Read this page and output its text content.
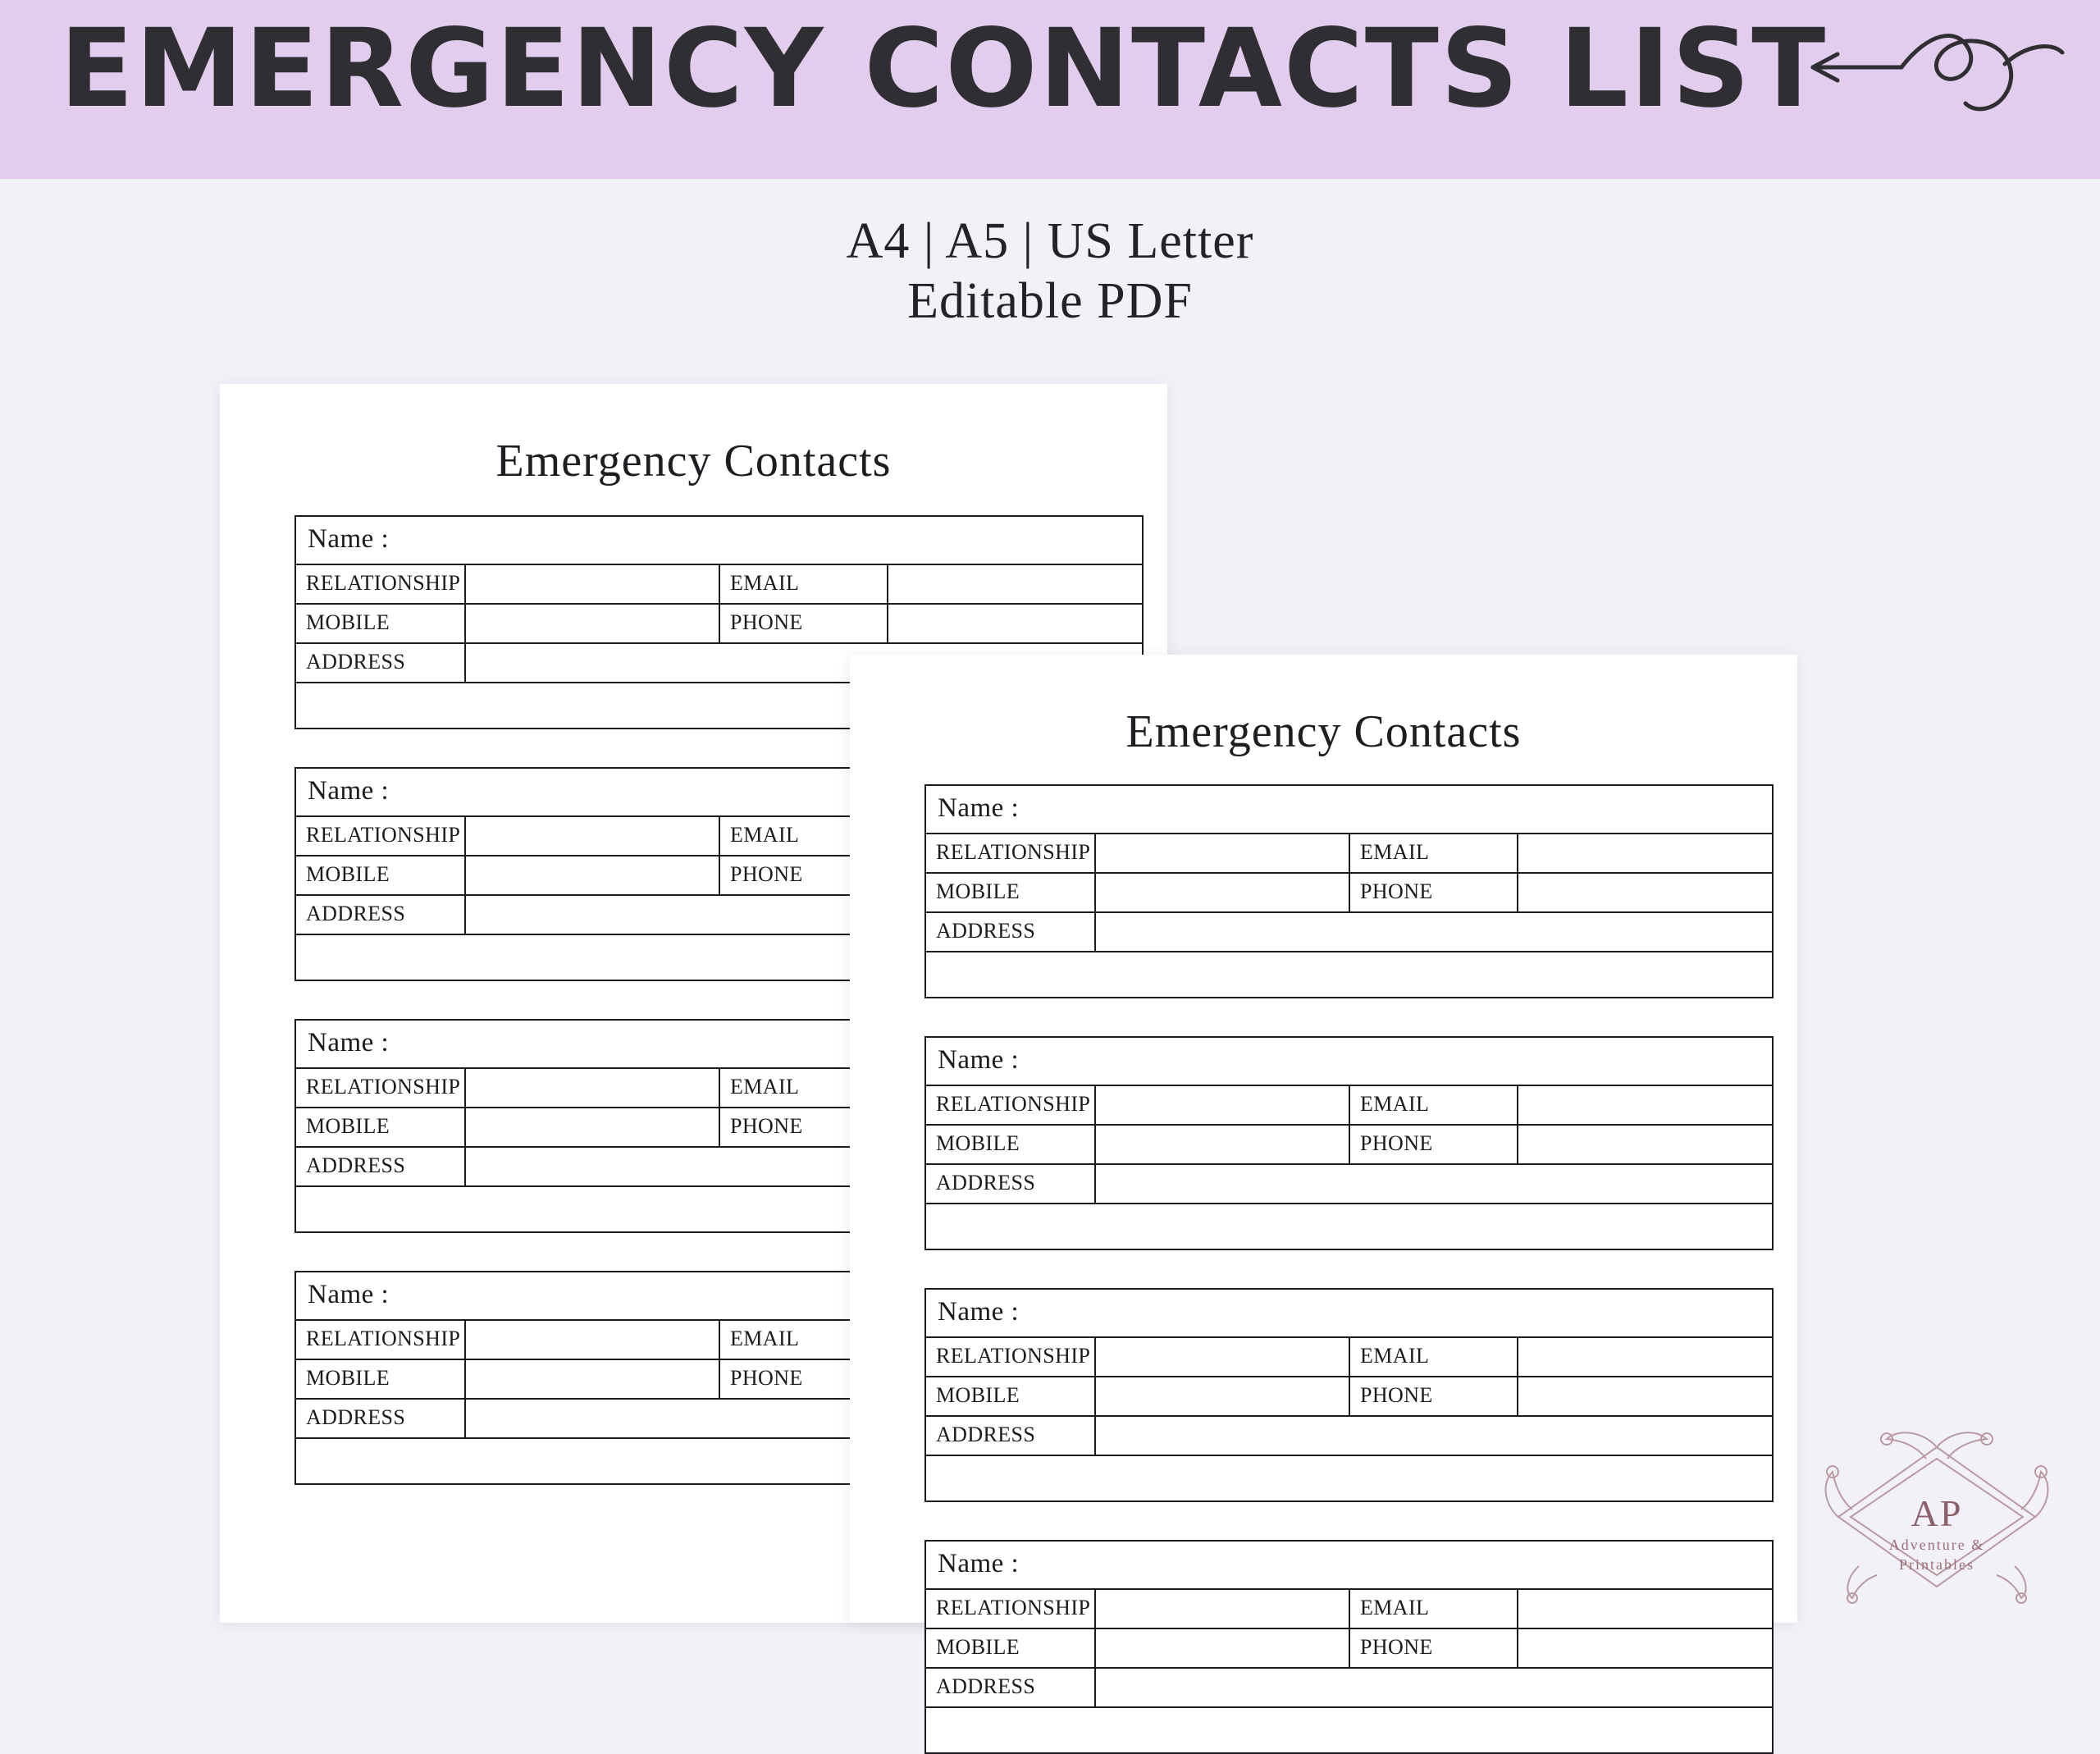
EMERGENCY CONTACTS LIST
A4 | A5 | US Letter
Editable PDF
Emergency Contacts
Name :
RELATIONSHIP	EMAIL
MOBILE	PHONE
ADDRESS
Name :
RELATIONSHIP	EMAIL
MOBILE	PHONE
ADDRESS
Name :
RELATIONSHIP	EMAIL
MOBILE	PHONE
ADDRESS
Name :
RELATIONSHIP	EMAIL
MOBILE	PHONE
ADDRESS
Emergency Contacts
Name :
RELATIONSHIP	EMAIL
MOBILE	PHONE
ADDRESS
Name :
RELATIONSHIP	EMAIL
MOBILE	PHONE
ADDRESS
Name :
RELATIONSHIP	EMAIL
MOBILE	PHONE
ADDRESS
Name :
RELATIONSHIP	EMAIL
MOBILE	PHONE
ADDRESS
AP
Adventure &
Printables
